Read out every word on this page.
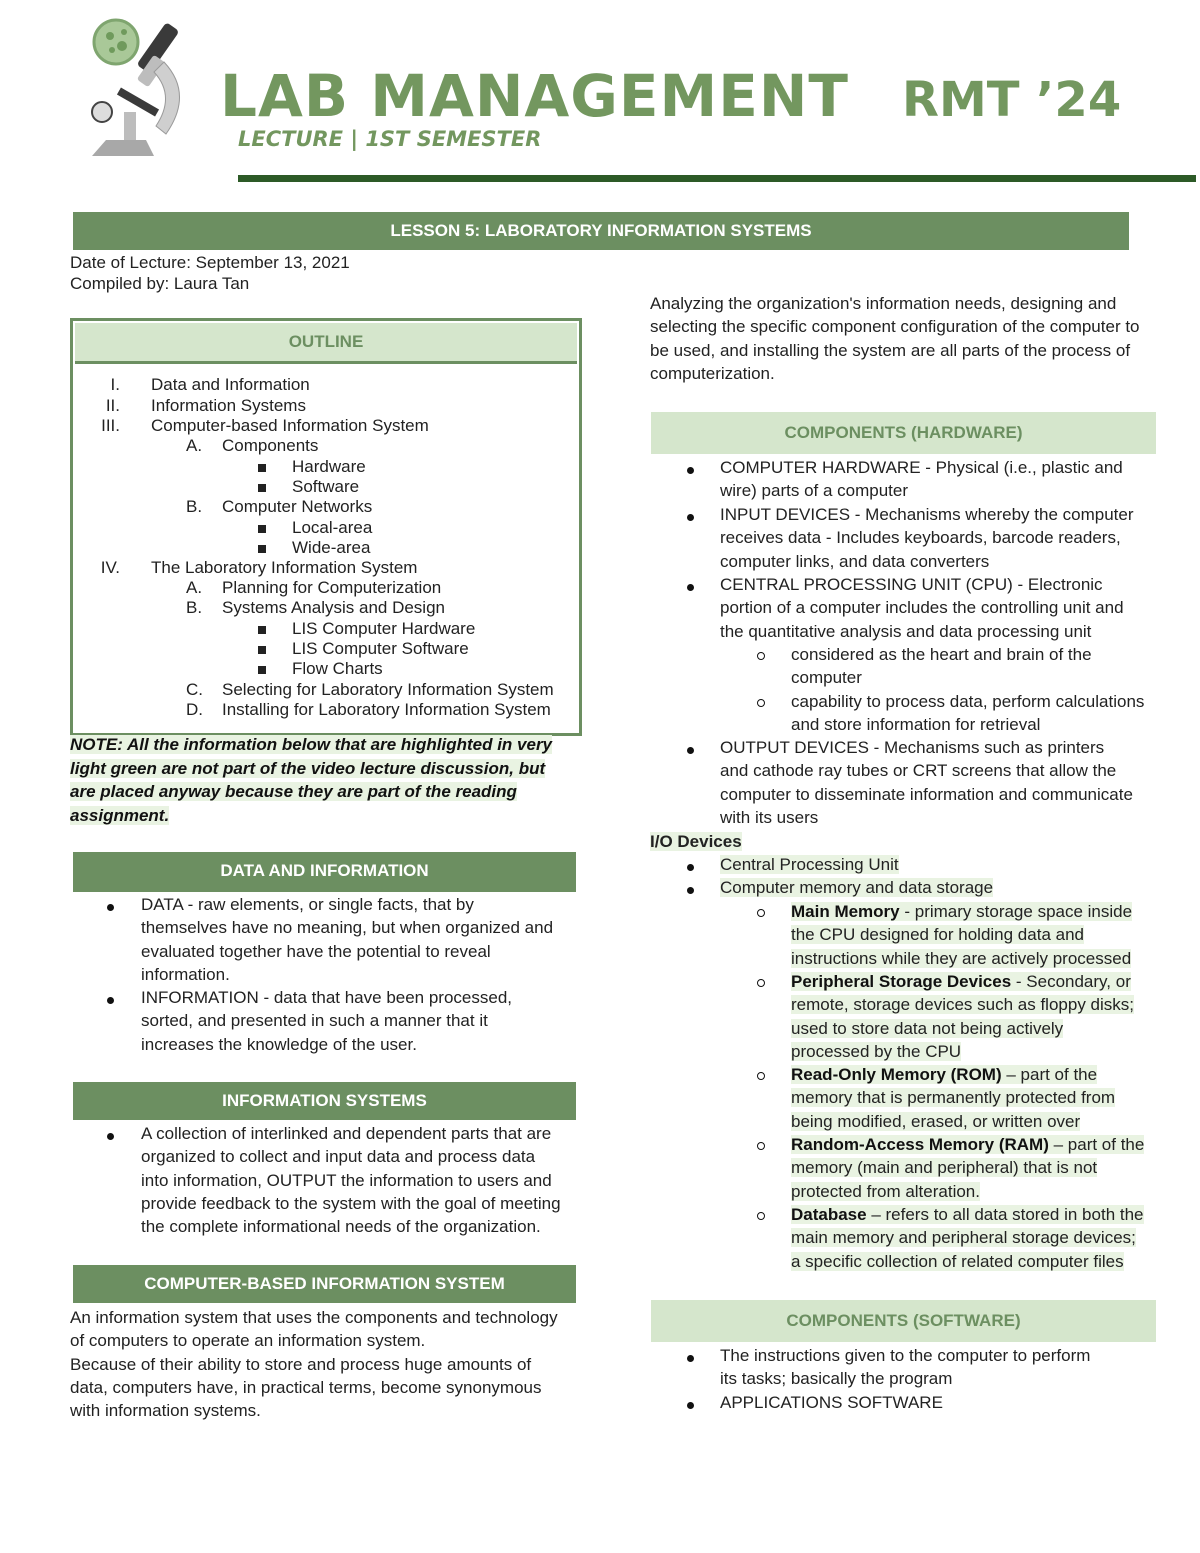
LAB MANAGEMENT RMT ’24
LECTURE | 1ST SEMESTER
LESSON 5: LABORATORY INFORMATION SYSTEMS
Date of Lecture: September 13, 2021
Compiled by: Laura Tan
OUTLINE
I. Data and Information
II. Information Systems
III. Computer-based Information System
A. Components
Hardware
Software
B. Computer Networks
Local-area
Wide-area
IV. The Laboratory Information System
A. Planning for Computerization
B. Systems Analysis and Design
LIS Computer Hardware
LIS Computer Software
Flow Charts
C. Selecting for Laboratory Information System
D. Installing for Laboratory Information System
NOTE: All the information below that are highlighted in very
light green are not part of the video lecture discussion, but
are placed anyway because they are part of the reading
assignment.
DATA AND INFORMATION
DATA - raw elements, or single facts, that by
themselves have no meaning, but when organized and
evaluated together have the potential to reveal
information.
INFORMATION - data that have been processed,
sorted, and presented in such a manner that it
increases the knowledge of the user.
INFORMATION SYSTEMS
A collection of interlinked and dependent parts that are
organized to collect and input data and process data
into information, OUTPUT the information to users and
provide feedback to the system with the goal of meeting
the complete informational needs of the organization.
COMPUTER-BASED INFORMATION SYSTEM
An information system that uses the components and technology
of computers to operate an information system.
Because of their ability to store and process huge amounts of
data, computers have, in practical terms, become synonymous
with information systems.
Analyzing the organization's information needs, designing and
selecting the specific component configuration of the computer to
be used, and installing the system are all parts of the process of
computerization.
COMPONENTS (HARDWARE)
COMPUTER HARDWARE - Physical (i.e., plastic and
wire) parts of a computer
INPUT DEVICES - Mechanisms whereby the computer
receives data - Includes keyboards, barcode readers,
computer links, and data converters
CENTRAL PROCESSING UNIT (CPU) - Electronic
portion of a computer includes the controlling unit and
the quantitative analysis and data processing unit
considered as the heart and brain of the
computer
capability to process data, perform calculations
and store information for retrieval
OUTPUT DEVICES - Mechanisms such as printers
and cathode ray tubes or CRT screens that allow the
computer to disseminate information and communicate
with its users
I/O Devices
Central Processing Unit
Computer memory and data storage
Main Memory - primary storage space inside
the CPU designed for holding data and
instructions while they are actively processed
Peripheral Storage Devices - Secondary, or
remote, storage devices such as floppy disks;
used to store data not being actively
processed by the CPU
Read-Only Memory (ROM) – part of the
memory that is permanently protected from
being modified, erased, or written over
Random-Access Memory (RAM) – part of the
memory (main and peripheral) that is not
protected from alteration.
Database – refers to all data stored in both the
main memory and peripheral storage devices;
a specific collection of related computer files
COMPONENTS (SOFTWARE)
The instructions given to the computer to perform
its tasks; basically the program
APPLICATIONS SOFTWARE
